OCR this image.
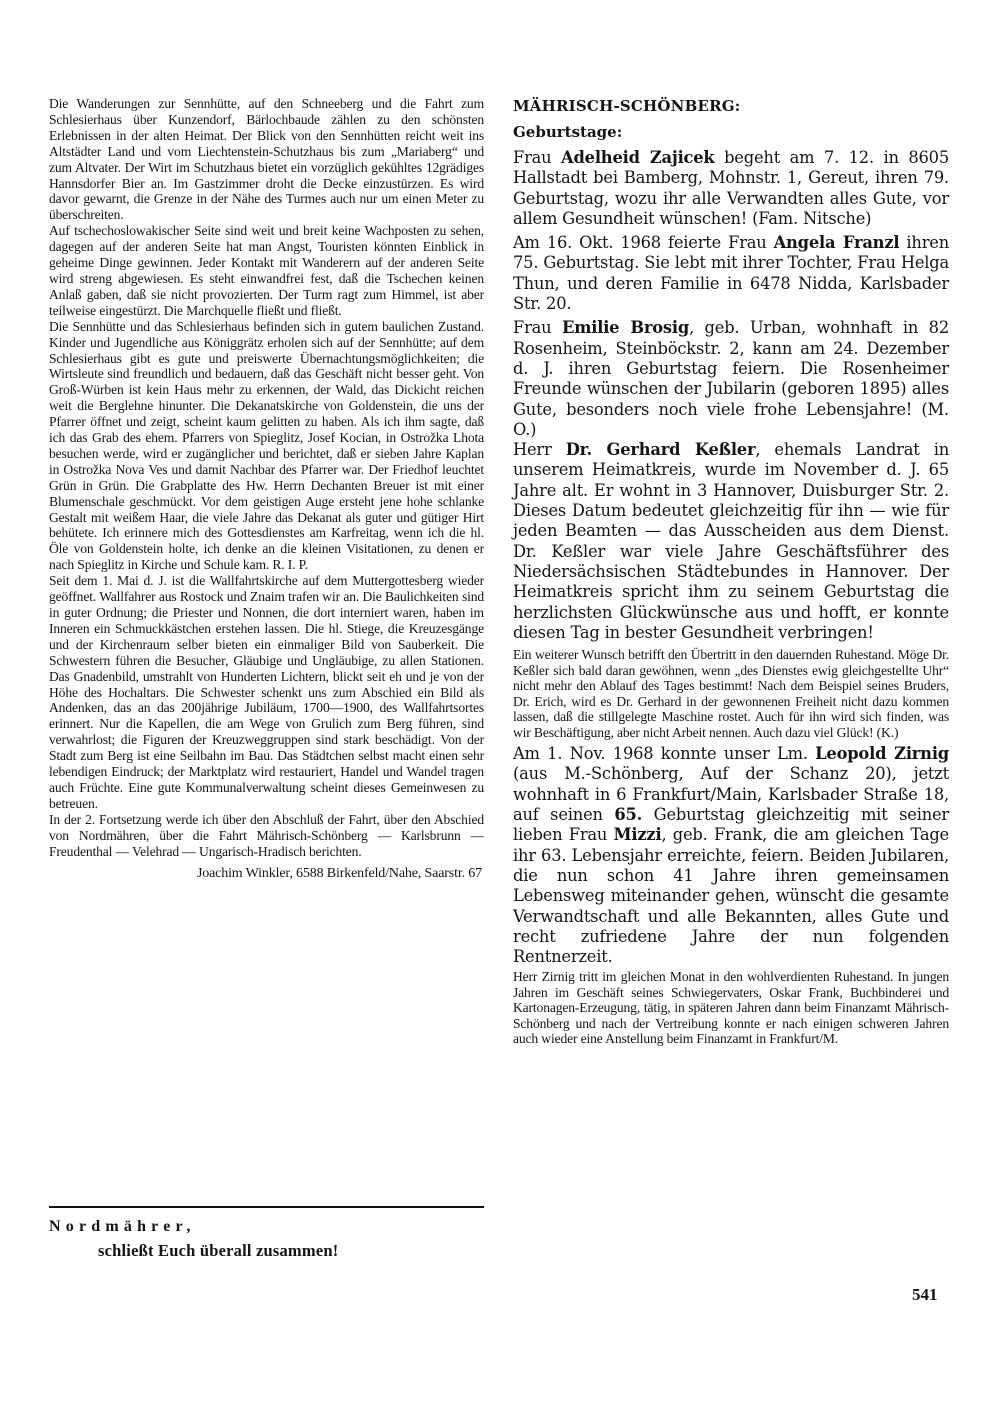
Die Wanderungen zur Sennhütte, auf den Schneeberg und die Fahrt zum Schlesierhaus über Kunzendorf, Bärlochbaude zählen zu den schönsten Erlebnissen in der alten Heimat. Der Blick von den Sennhütten reicht weit ins Altstädter Land und vom Liechtenstein-Schutzhaus bis zum „Mariaberg“ und zum Altvater. Der Wirt im Schutzhaus bietet ein vorzüglich gekühltes 12grädiges Hannsdorfer Bier an. Im Gastzimmer droht die Decke einzustürzen. Es wird davor gewarnt, die Grenze in der Nähe des Turmes auch nur um einen Meter zu überschreiten.

Auf tschechoslowakischer Seite sind weit und breit keine Wachposten zu sehen, dagegen auf der anderen Seite hat man Angst, Touristen könnten Einblick in geheime Dinge gewinnen. Jeder Kontakt mit Wanderern auf der anderen Seite wird streng abgewiesen. Es steht einwandfrei fest, daß die Tschechen keinen Anlaß gaben, daß sie nicht provozierten. Der Turm ragt zum Himmel, ist aber teilweise eingestürzt. Die Marchquelle fließt und fließt.

Die Sennhütte und das Schlesierhaus befinden sich in gutem baulichen Zustand. Kinder und Jugendliche aus Königgrätz erholen sich auf der Sennhütte; auf dem Schlesierhaus gibt es gute und preiswerte Übernachtungsmöglichkeiten; die Wirtsleute sind freundlich und bedauern, daß das Geschäft nicht besser geht. Von Groß-Würben ist kein Haus mehr zu erkennen, der Wald, das Dickicht reichen weit die Berglehne hinunter. Die Dekanatskirche von Goldenstein, die uns der Pfarrer öffnet und zeigt, scheint kaum gelitten zu haben. Als ich ihm sagte, daß ich das Grab des ehem. Pfarrers von Spieglitz, Josef Kocian, in Ostrožka Lhota besuchen werde, wird er zugänglicher und berichtet, daß er sieben Jahre Kaplan in Ostrožka Nova Ves und damit Nachbar des Pfarrer war. Der Friedhof leuchtet Grün in Grün. Die Grabplatte des Hw. Herrn Dechanten Breuer ist mit einer Blumenschale geschmückt. Vor dem geistigen Auge ersteht jene hohe schlanke Gestalt mit weißem Haar, die viele Jahre das Dekanat als guter und gütiger Hirt behütete. Ich erinnere mich des Gottesdienstes am Karfreitag, wenn ich die hl. Öle von Goldenstein holte, ich denke an die kleinen Visitationen, zu denen er nach Spieglitz in Kirche und Schule kam. R. I. P.

Seit dem 1. Mai d. J. ist die Wallfahrtskirche auf dem Muttergottesberg wieder geöffnet. Wallfahrer aus Rostock und Znaim trafen wir an. Die Baulichkeiten sind in guter Ordnung; die Priester und Nonnen, die dort interniert waren, haben im Inneren ein Schmuckkästchen erstehen lassen. Die hl. Stiege, die Kreuzesgänge und der Kirchenraum selber bieten ein einmaliger Bild von Sauberkeit. Die Schwestern führen die Besucher, Gläubige und Ungläubige, zu allen Stationen. Das Gnadenbild, umstrahlt von Hunderten Lichtern, blickt seit eh und je von der Höhe des Hochaltars. Die Schwester schenkt uns zum Abschied ein Bild als Andenken, das an das 200jährige Jubiläum, 1700—1900, des Wallfahrtsortes erinnert. Nur die Kapellen, die am Wege von Grulich zum Berg führen, sind verwahrlost; die Figuren der Kreuzweggruppen sind stark beschädigt. Von der Stadt zum Berg ist eine Seilbahn im Bau. Das Städtchen selbst macht einen sehr lebendigen Eindruck; der Marktplatz wird restauriert, Handel und Wandel tragen auch Früchte. Eine gute Kommunalverwaltung scheint dieses Gemeinwesen zu betreuen.

In der 2. Fortsetzung werde ich über den Abschluß der Fahrt, über den Abschied von Nordmähren, über die Fahrt Mährisch-Schönberg — Karlsbrunn — Freudenthal — Velehrad — Ungarisch-Hradisch berichten.

Joachim Winkler, 6588 Birkenfeld/Nahe, Saarstr. 67
Nordmährer,
schließt Euch überall zusammen!
MÄHRISCH-SCHÖNBERG:
Geburtstage:

Frau Adelheid Zajicek begeht am 7. 12. in 8605 Hallstadt bei Bamberg, Mohnstr. 1, Gereut, ihren 79. Geburtstag, wozu ihr alle Verwandten alles Gute, vor allem Gesundheit wünschen! (Fam. Nitsche)

Am 16. Okt. 1968 feierte Frau Angela Franzl ihren 75. Geburtstag. Sie lebt mit ihrer Tochter, Frau Helga Thun, und deren Familie in 6478 Nidda, Karlsbader Str. 20.

Frau Emilie Brosig, geb. Urban, wohnhaft in 82 Rosenheim, Steinböckstr. 2, kann am 24. Dezember d. J. ihren Geburtstag feiern. Die Rosenheimer Freunde wünschen der Jubilarin (geboren 1895) alles Gute, besonders noch viele frohe Lebensjahre! (M. O.)

Herr Dr. Gerhard Keßler, ehemals Landrat in unserem Heimatkreis, wurde im November d. J. 65 Jahre alt. Er wohnt in 3 Hannover, Duisburger Str. 2. Dieses Datum bedeutet gleichzeitig für ihn — wie für jeden Beamten — das Ausscheiden aus dem Dienst. Dr. Keßler war viele Jahre Geschäftsführer des Niedersächsischen Städtebundes in Hannover. Der Heimatkreis spricht ihm zu seinem Geburtstag die herzlichsten Glückwünsche aus und hofft, er konnte diesen Tag in bester Gesundheit verbringen!

Ein weiterer Wunsch betrifft den Übertritt in den dauernden Ruhestand. Möge Dr. Keßler sich bald daran gewöhnen, wenn „des Dienstes ewig gleichgestellte Uhr“ nicht mehr den Ablauf des Tages bestimmt! Nach dem Beispiel seines Bruders, Dr. Erich, wird es Dr. Gerhard in der gewonnenen Freiheit nicht dazu kommen lassen, daß die stillgelegte Maschine rostet. Auch für ihn wird sich finden, was wir Beschäftigung, aber nicht Arbeit nennen. Auch dazu viel Glück! (K.)

Am 1. Nov. 1968 konnte unser Lm. Leopold Zirnig (aus M.-Schönberg, Auf der Schanz 20), jetzt wohnhaft in 6 Frankfurt/Main, Karlsbader Straße 18, auf seinen 65. Geburtstag gleichzeitig mit seiner lieben Frau Mizzi, geb. Frank, die am gleichen Tage ihr 63. Lebensjahr erreichte, feiern. Beiden Jubilaren, die nun schon 41 Jahre ihren gemeinsamen Lebensweg miteinander gehen, wünscht die gesamte Verwandtschaft und alle Bekannten, alles Gute und recht zufriedene Jahre der nun folgenden Rentnerzeit.

Herr Zirnig tritt im gleichen Monat in den wohlverdienten Ruhestand. In jungen Jahren im Geschäft seines Schwiegervaters, Oskar Frank, Buchbinderei und Kartonagen-Erzeugung, tätig, in späteren Jahren dann beim Finanzamt Mährisch-Schönberg und nach der Vertreibung konnte er nach einigen schweren Jahren auch wieder eine Anstellung beim Finanzamt in Frankfurt/M.

541
